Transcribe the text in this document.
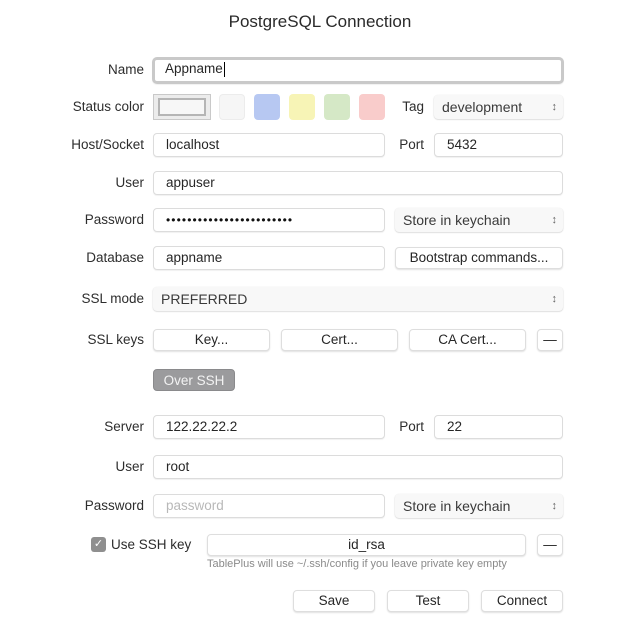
PostgreSQL Connection
Name	Appname
Status color	Tag	development	↕
Host/Socket	localhost	Port	5432
User	appuser
Password	••••••••••••••••••••••••	Store in keychain	↕
Database	appname	Bootstrap commands...
SSL mode	PREFERRED	↕
SSL keys	Key...	Cert...	CA Cert...	—
Over SSH
Server	122.22.22.2	Port	22
User	root
Password	password	Store in keychain	↕
✓ Use SSH key	id_rsa	—
TablePlus will use ~/.ssh/config if you leave private key empty
Save	Test	Connect
